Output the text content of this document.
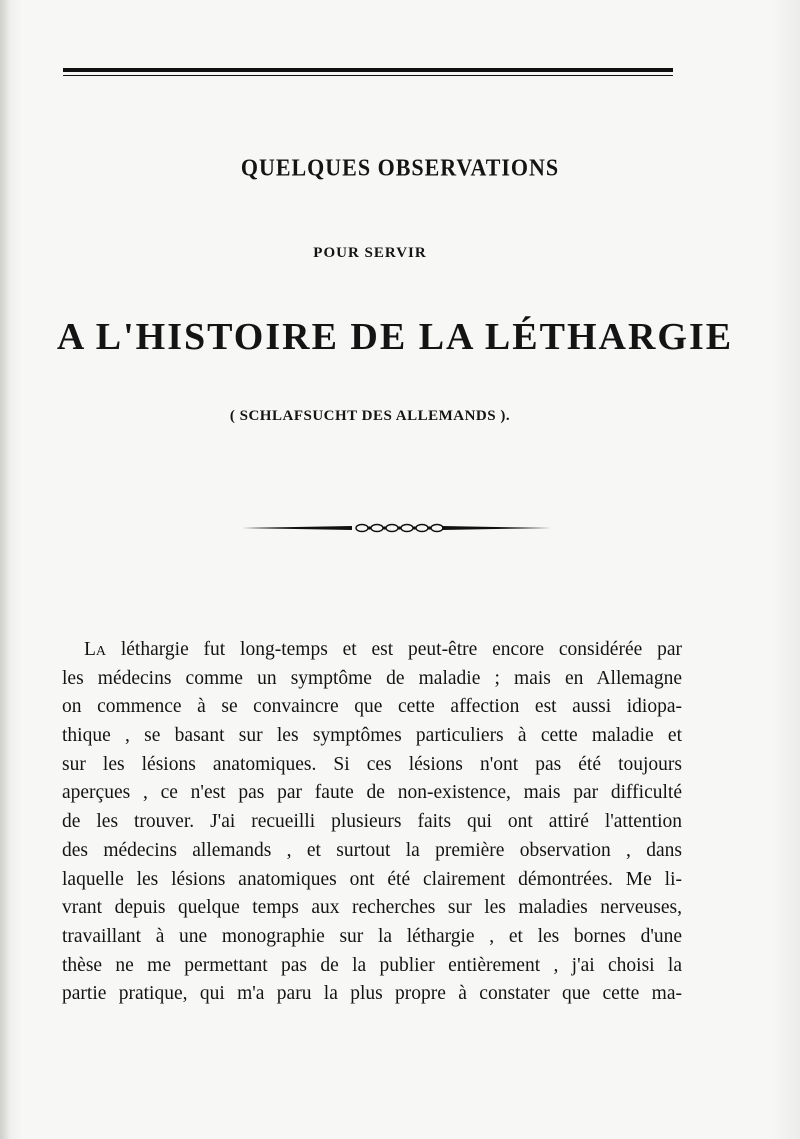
QUELQUES OBSERVATIONS
POUR SERVIR
A L'HISTOIRE DE LA LÉTHARGIE
( SCHLAFSUCHT DES ALLEMANDS ).
La léthargie fut long-temps et est peut-être encore considérée par
les médecins comme un symptôme de maladie ; mais en Allemagne
on commence à se convaincre que cette affection est aussi idiopa-
thique , se basant sur les symptômes particuliers à cette maladie et
sur les lésions anatomiques. Si ces lésions n'ont pas été toujours
aperçues , ce n'est pas par faute de non-existence, mais par difficulté
de les trouver. J'ai recueilli plusieurs faits qui ont attiré l'attention
des médecins allemands , et surtout la première observation , dans
laquelle les lésions anatomiques ont été clairement démontrées. Me li-
vrant depuis quelque temps aux recherches sur les maladies nerveuses,
travaillant à une monographie sur la léthargie , et les bornes d'une
thèse ne me permettant pas de la publier entièrement , j'ai choisi la
partie pratique, qui m'a paru la plus propre à constater que cette ma-
